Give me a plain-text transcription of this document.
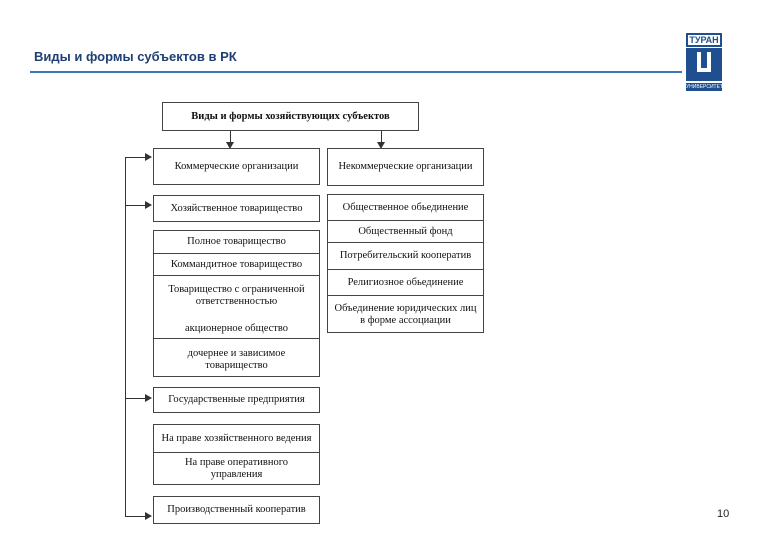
Виды и формы субъектов в РК
ТУРАН
УНИВЕРСИТЕТ
Виды и формы хозяйствующих субъектов
Коммерческие организации	Некоммерческие организации
Хозяйственное товарищество
Полное товарищество
Коммандитное товарищество
Товарищество с ограниченной ответственностью
акционерное общество
дочернее и зависимое товарищество
Государственные предприятия
На праве хозяйственного ведения
На праве оперативного управления
Производственный кооператив
Общественное обьединение
Общественный фонд
Потребительский кооператив
Религиозное обьединение
Объединение юридических лиц в форме ассоциации
10
